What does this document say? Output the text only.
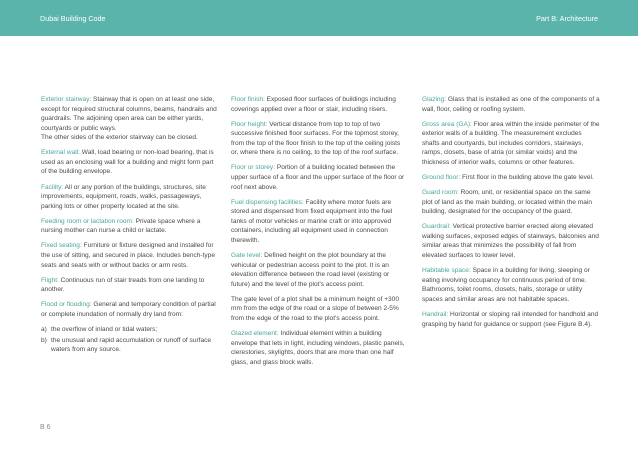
Dubai Building Code	Part B: Architecture
Exterior stairway: Stairway that is open on at least one side, except for required structural columns, beams, handrails and guardrails. The adjoining open area can be either yards, courtyards or public ways.
The other sides of the exterior stairway can be closed.
External wall: Wall, load bearing or non-load bearing, that is used as an enclosing wall for a building and might form part of the building envelope.
Facility: All or any portion of the buildings, structures, site improvements, equipment, roads, walks, passageways, parking lots or other property located at the site.
Feeding room or lactation room: Private space where a nursing mother can nurse a child or lactate.
Fixed seating: Furniture or fixture designed and installed for the use of sitting, and secured in place. Includes bench-type seats and seats with or without backs or arm rests.
Flight: Continuous run of stair treads from one landing to another.
Flood or flooding: General and temporary condition of partial or complete inundation of normally dry land from:
a) the overflow of inland or tidal waters;
b) the unusual and rapid accumulation or runoff of surface waters from any source.
Floor finish: Exposed floor surfaces of buildings including coverings applied over a floor or stair, including risers.
Floor height: Vertical distance from top to top of two successive finished floor surfaces. For the topmost storey, from the top of the floor finish to the top of the ceiling joists or, where there is no ceiling, to the top of the roof surface.
Floor or storey: Portion of a building located between the upper surface of a floor and the upper surface of the floor or roof next above.
Fuel dispensing facilities: Facility where motor fuels are stored and dispensed from fixed equipment into the fuel tanks of motor vehicles or marine craft or into approved containers, including all equipment used in connection therewith.
Gate level: Defined height on the plot boundary at the vehicular or pedestrian access point to the plot. It is an elevation difference between the road level (existing or future) and the level of the plot's access point.
The gate level of a plot shall be a minimum height of +300 mm from the edge of the road or a slope of between 2-5% from the edge of the road to the plot's access point.
Glazed element: Individual element within a building envelope that lets in light, including windows, plastic panels, clerestories, skylights, doors that are more than one half glass, and glass block walls.
Glazing: Glass that is installed as one of the components of a wall, floor, ceiling or roofing system.
Gross area (GA): Floor area within the inside perimeter of the exterior walls of a building. The measurement excludes shafts and courtyards, but includes corridors, stairways, ramps, closets, base of atria (or similar voids) and the thickness of interior walls, columns or other features.
Ground floor: First floor in the building above the gate level.
Guard room: Room, unit, or residential space on the same plot of land as the main building, or located within the main building, designated for the occupancy of the guard.
Guardrail: Vertical protective barrier erected along elevated walking surfaces, exposed edges of stairways, balconies and similar areas that minimizes the possibility of fall from elevated surfaces to lower level.
Habitable space: Space in a building for living, sleeping or eating involving occupancy for continuous period of time. Bathrooms, toilet rooms, closets, halls, storage or utility spaces and similar areas are not habitable spaces.
Handrail: Horizontal or sloping rail intended for handhold and grasping by hand for guidance or support (see Figure B.4).
B 6
